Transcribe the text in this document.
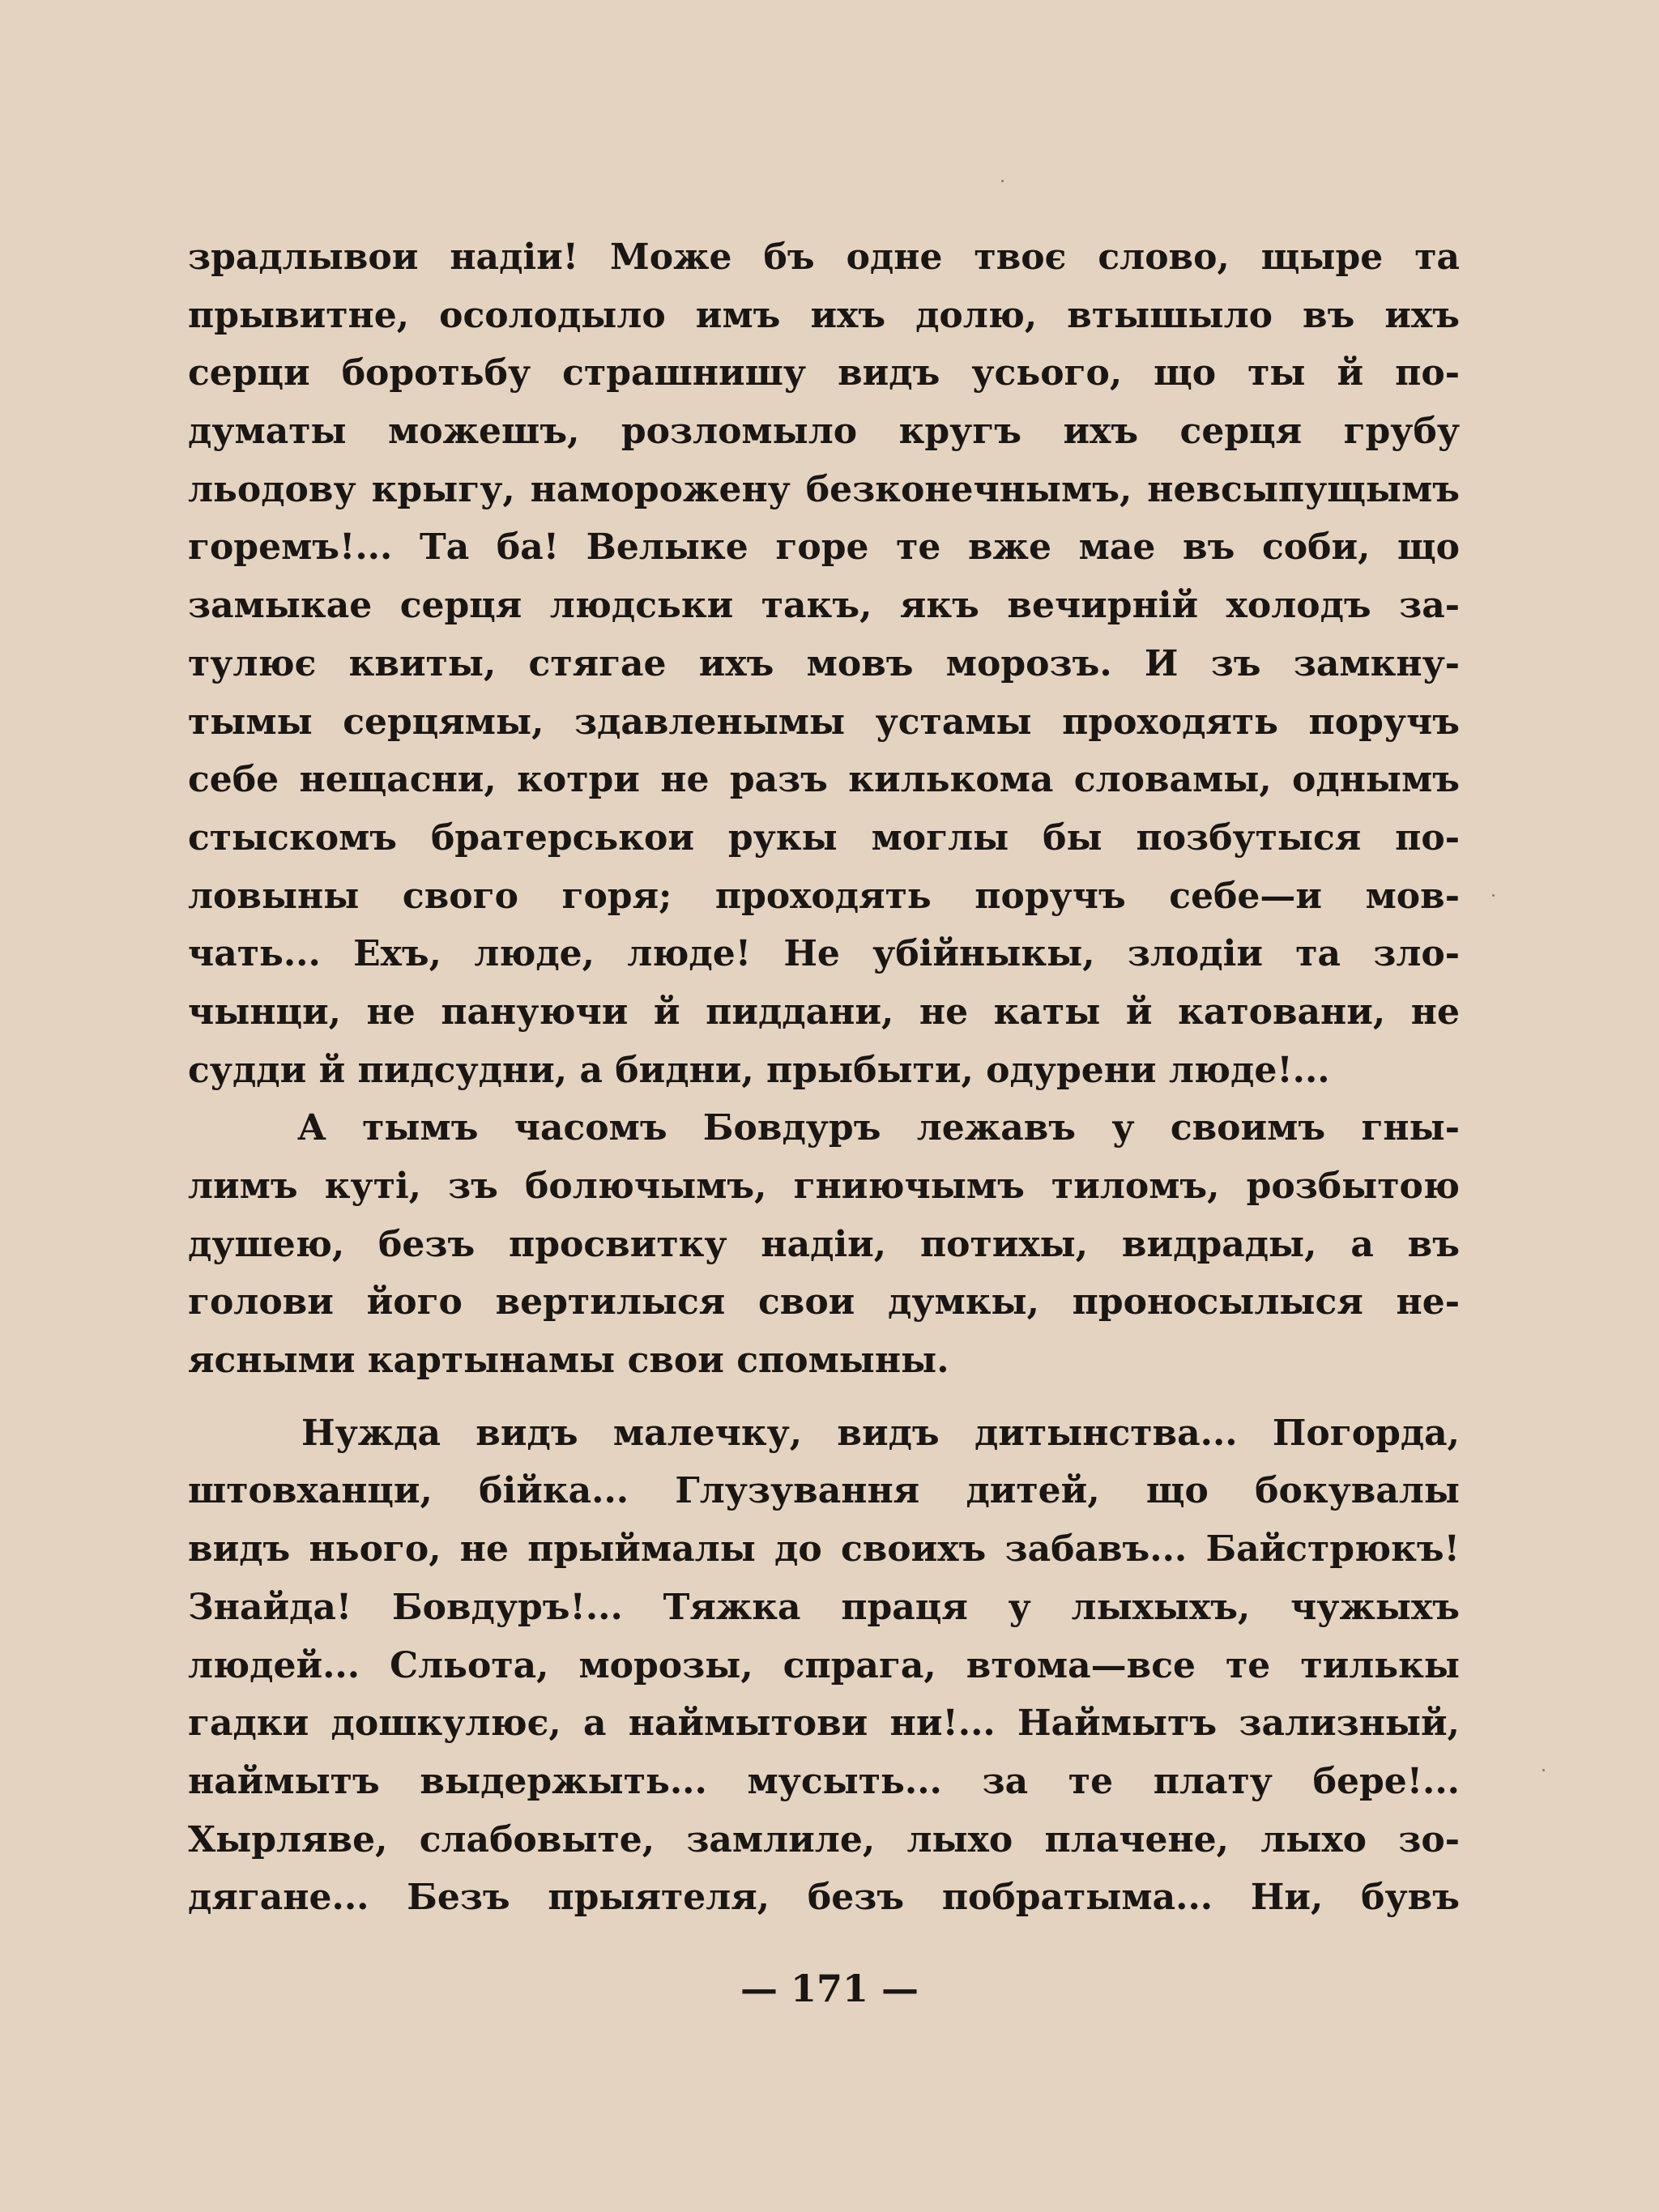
зрадлывои надіи! Може бъ одне твоє слово, щыре та
прывитне, осолодыло имъ ихъ долю, втышыло въ ихъ
серци боротьбу страшнишу видъ усього, що ты й по-
думаты можешъ, розломыло кругъ ихъ серця грубу
льодову крыгу, наморожену безконечнымъ, невсыпущымъ
горемъ!... Та ба! Велыке горе те вже мае въ соби, що
замыкае серця людськи такъ, якъ вечирній холодъ за-
тулює квиты, стягае ихъ мовъ морозъ. И зъ замкну-
тымы серцямы, здавленымы устамы проходять поручъ
себе нещасни, котри не разъ килькома словамы, однымъ
стыскомъ братерськои рукы моглы бы позбутыся по-
ловыны свого горя; проходять поручъ себе—и мов-
чать... Ехъ, люде, люде! Не убійныкы, злодіи та зло-
чынци, не пануючи й пиддани, не каты й катовани, не
судди й пидсудни, а бидни, прыбыти, одурени люде!...
А тымъ часомъ Бовдуръ лежавъ у своимъ гны-
лимъ куті, зъ болючымъ, гниючымъ тиломъ, розбытою
душею, безъ просвитку надіи, потихы, видрады, а въ
голови його вертилыся свои думкы, проносылыся не-
ясными картынамы свои спомыны.
Нужда видъ малечку, видъ дитынства... Погорда,
штовханци, бійка... Глузування дитей, що бокувалы
видъ нього, не прыймалы до своихъ забавъ... Байстрюкъ!
Знайда! Бовдуръ!... Тяжка праця у лыхыхъ, чужыхъ
людей... Сльота, морозы, спрага, втома—все те тилькы
гадки дошкулює, а наймытови ни!... Наймытъ зализный,
наймытъ выдержыть... мусыть... за те плату бере!...
Хырляве, слабовыте, замлиле, лыхо плачене, лыхо зо-
дягане... Безъ прыятеля, безъ побратыма... Ни, бувъ
— 171 —
